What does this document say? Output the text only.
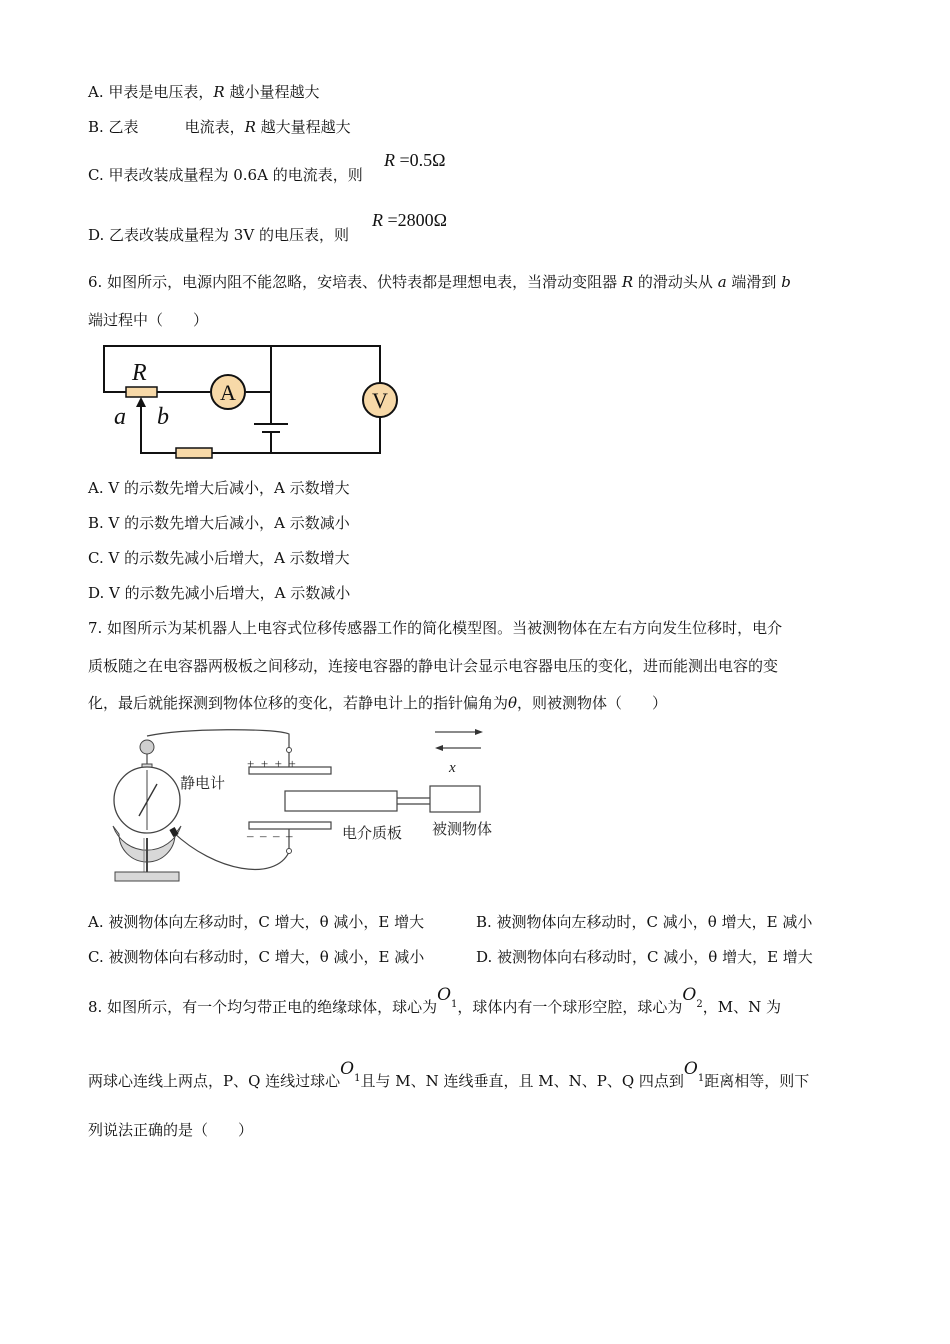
A. 甲表是电压表，R 越小量程越大
B. 乙表	电流表，R 越大量程越大
C. 甲表改装成量程为 0.6A 的电流表，则
R =0.5Ω
D. 乙表改装成量程为 3V 的电压表，则
R =2800Ω
6. 如图所示，电源内阻不能忽略，安培表、伏特表都是理想电表，当滑动变阻器 R 的滑动头从 a 端滑到 b
端过程中（　　）
A	V
R
a b
A. V 的示数先增大后减小，A 示数增大
B. V 的示数先增大后减小，A 示数减小
C. V 的示数先减小后增大，A 示数增大
D. V 的示数先减小后增大，A 示数减小
7. 如图所示为某机器人上电容式位移传感器工作的简化模型图。当被测物体在左右方向发生位移时，电介
质板随之在电容器两极板之间移动，连接电容器的静电计会显示电容器电压的变化，进而能测出电容的变
化，最后就能探测到物体位移的变化，若静电计上的指针偏角为θ，则被测物体（　　）
静电计
+  +  +  +
–  –  –  –	电介质板 被测物体
x
A. 被测物体向左移动时，C 增大，θ 减小，E 增大	B. 被测物体向左移动时，C 减小，θ 增大，E 减小
C. 被测物体向右移动时，C 增大，θ 减小，E 减小	D. 被测物体向右移动时，C 减小，θ 增大，E 增大
8. 如图所示，有一个均匀带正电的绝缘球体，球心为$O^1$，球体内有一个球形空腔，球心为$O^2$，M、N 为
两球心连线上两点，P、Q 连线过球心$O^1$且与 M、N 连线垂直，且 M、N、P、Q 四点到$O^1$距离相等，则下
列说法正确的是（　　）
